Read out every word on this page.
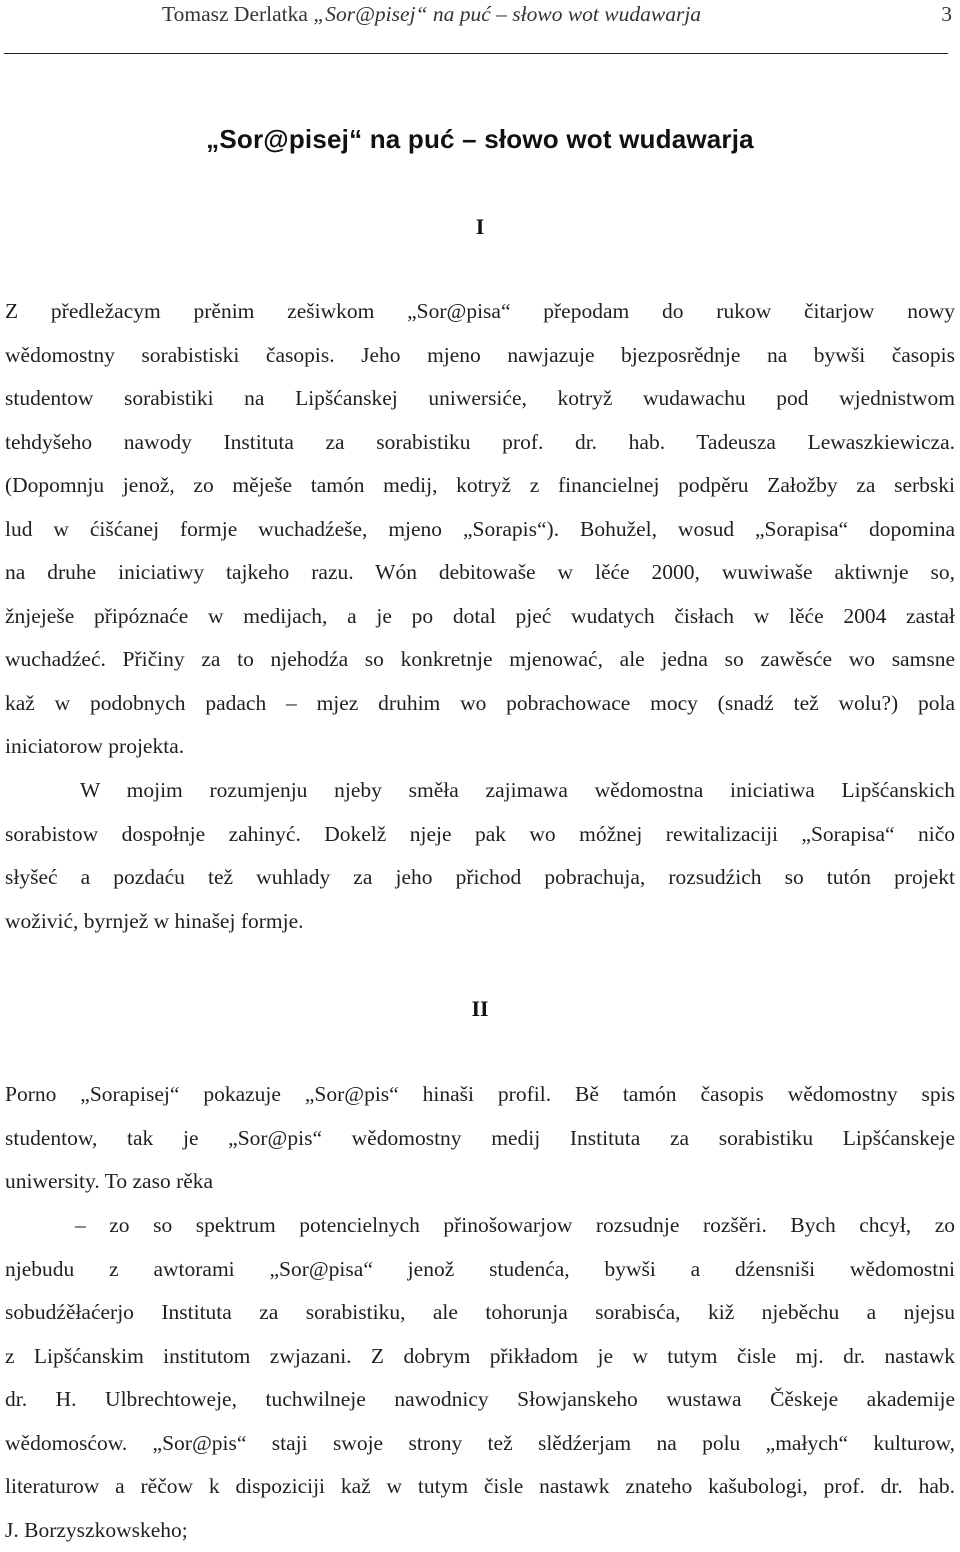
Tomasz Derlatka „Sor@pisej“ na puć – słowo wot wudawarja	3
„Sor@pisej“ na puć – słowo wot wudawarja
I
Z předležacym prěnim zešiwkom „Sor@pisa“ přepodam do rukow čitarjow nowy
wědomostny sorabistiski časopis. Jeho mjeno nawjazuje bjezposrědnje na bywši časopis
studentow sorabistiki na Lipšćanskej uniwersiće, kotryž wudawachu pod wjednistwom
tehdyšeho nawody Instituta za sorabistiku prof. dr. hab. Tadeusza Lewaszkiewicza.
(Dopomnju jenož, zo měješe tamón medij, kotryž z financielnej podpěru Załožby za serbski
lud w ćišćanej formje wuchadźeše, mjeno „Sorapis“). Bohužel, wosud „Sorapisa“ dopomina
na druhe iniciatiwy tajkeho razu. Wón debitowaše w lěće 2000, wuwiwaše aktiwnje so,
žnjeješe připóznaće w medijach, a je po dotal pjeć wudatych čisłach w lěće 2004 zastał
wuchadźeć. Přičiny za to njehodźa so konkretnje mjenować, ale jedna so zawěsće wo samsne
kaž w podobnych padach – mjez druhim wo pobrachowace mocy (snadź tež wolu?) pola
iniciatorow projekta.
W mojim rozumjenju njeby směła zajimawa wědomostna iniciatiwa Lipšćanskich
sorabistow dospołnje zahinyć. Dokelž njeje pak wo móžnej rewitalizaciji „Sorapisa“ ničo
słyšeć a pozdaću tež wuhlady za jeho přichod pobrachuja, rozsudźich so tutón projekt
woživić, byrnjež w hinašej formje.
II
Porno „Sorapisej“ pokazuje „Sor@pis“ hinaši profil. Bě tamón časopis wědomostny spis
studentow, tak je „Sor@pis“ wědomostny medij Instituta za sorabistiku Lipšćanskeje
uniwersity. To zaso rěka
– zo so spektrum potencielnych přinošowarjow rozsudnje rozšěri. Bych chcył, zo
njebudu z awtorami „Sor@pisa“ jenož studenća, bywši a dźensniši wědomostni
sobudźěłaćerjo Instituta za sorabistiku, ale tohorunja sorabisća, kiž njeběchu a njejsu
z Lipšćanskim institutom zwjazani. Z dobrym přikładom je w tutym čisle mj. dr. nastawk
dr. H. Ulbrechtoweje, tuchwilneje nawodnicy Słowjanskeho wustawa Čěskeje akademije
wědomosćow. „Sor@pis“ staji swoje strony tež slědźerjam na polu „małych“ kulturow,
literaturow a rěčow k dispoziciji kaž w tutym čisle nastawk znateho kašubologi, prof. dr. hab.
J. Borzyszkowskeho;
